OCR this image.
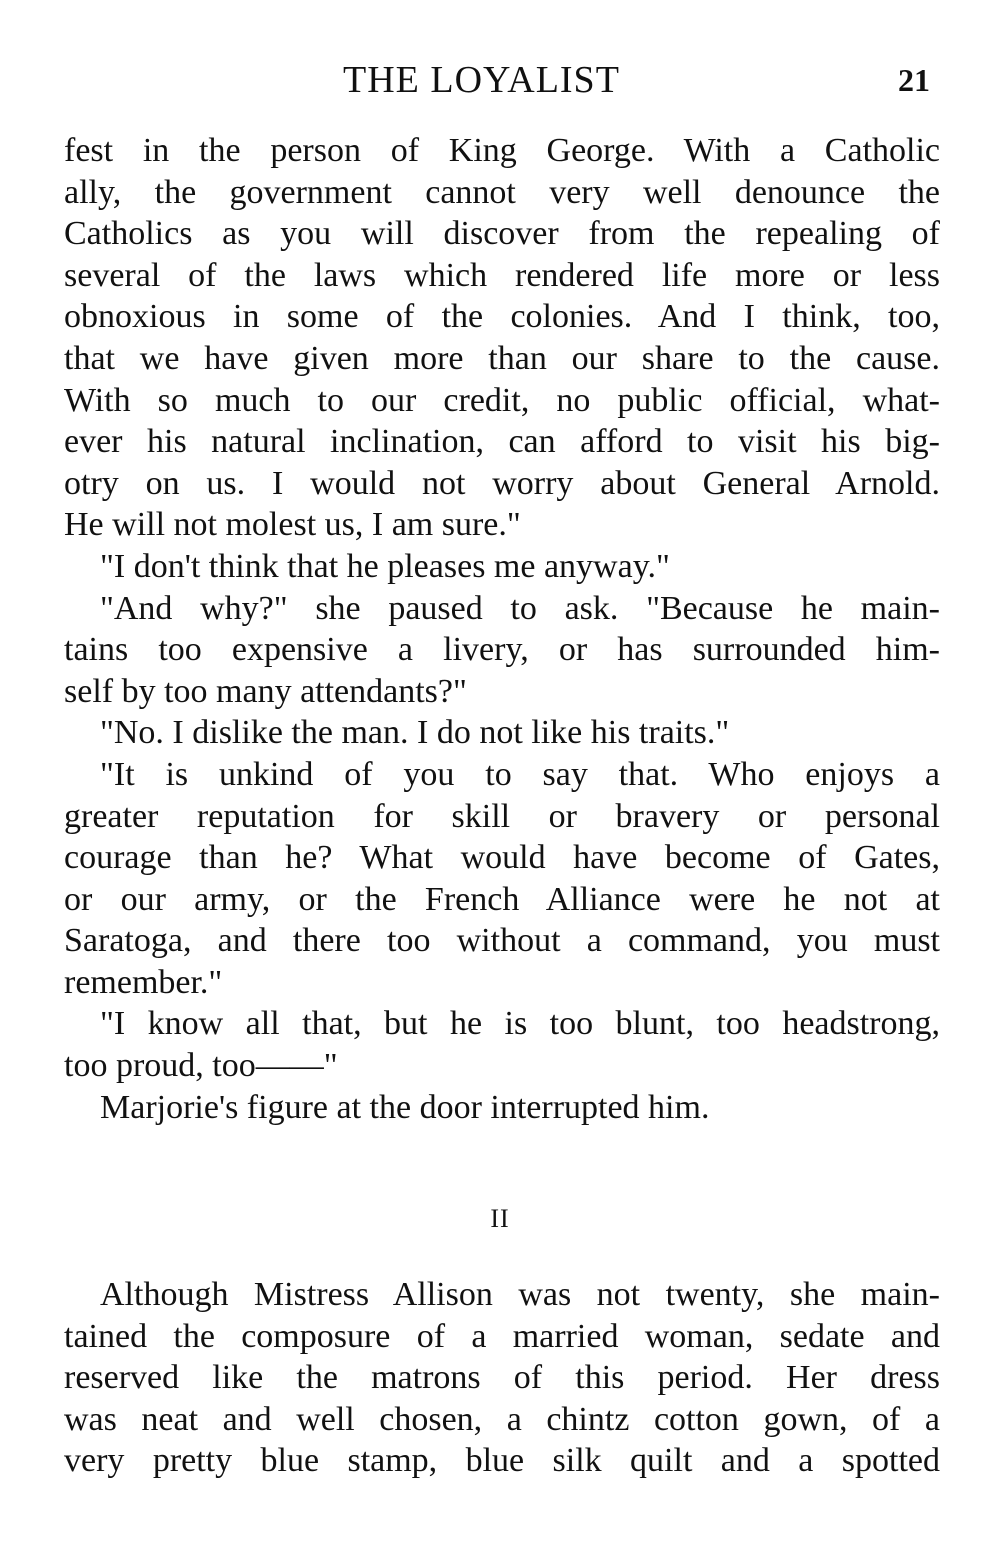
THE LOYALIST	21
fest in the person of King George. With a Catholic
ally, the government cannot very well denounce the
Catholics as you will discover from the repealing of
several of the laws which rendered life more or less
obnoxious in some of the colonies. And I think, too,
that we have given more than our share to the cause.
With so much to our credit, no public official, what-
ever his natural inclination, can afford to visit his big-
otry on us. I would not worry about General Arnold.
He will not molest us, I am sure."
"I don't think that he pleases me anyway."
"And why?" she paused to ask. "Because he main-
tains too expensive a livery, or has surrounded him-
self by too many attendants?"
"No. I dislike the man. I do not like his traits."
"It is unkind of you to say that. Who enjoys a
greater reputation for skill or bravery or personal
courage than he? What would have become of Gates,
or our army, or the French Alliance were he not at
Saratoga, and there too without a command, you must
remember."
"I know all that, but he is too blunt, too headstrong,
too proud, too——"
Marjorie's figure at the door interrupted him.
II
Although Mistress Allison was not twenty, she main-
tained the composure of a married woman, sedate and
reserved like the matrons of this period. Her dress
was neat and well chosen, a chintz cotton gown, of a
very pretty blue stamp, blue silk quilt and a spotted
